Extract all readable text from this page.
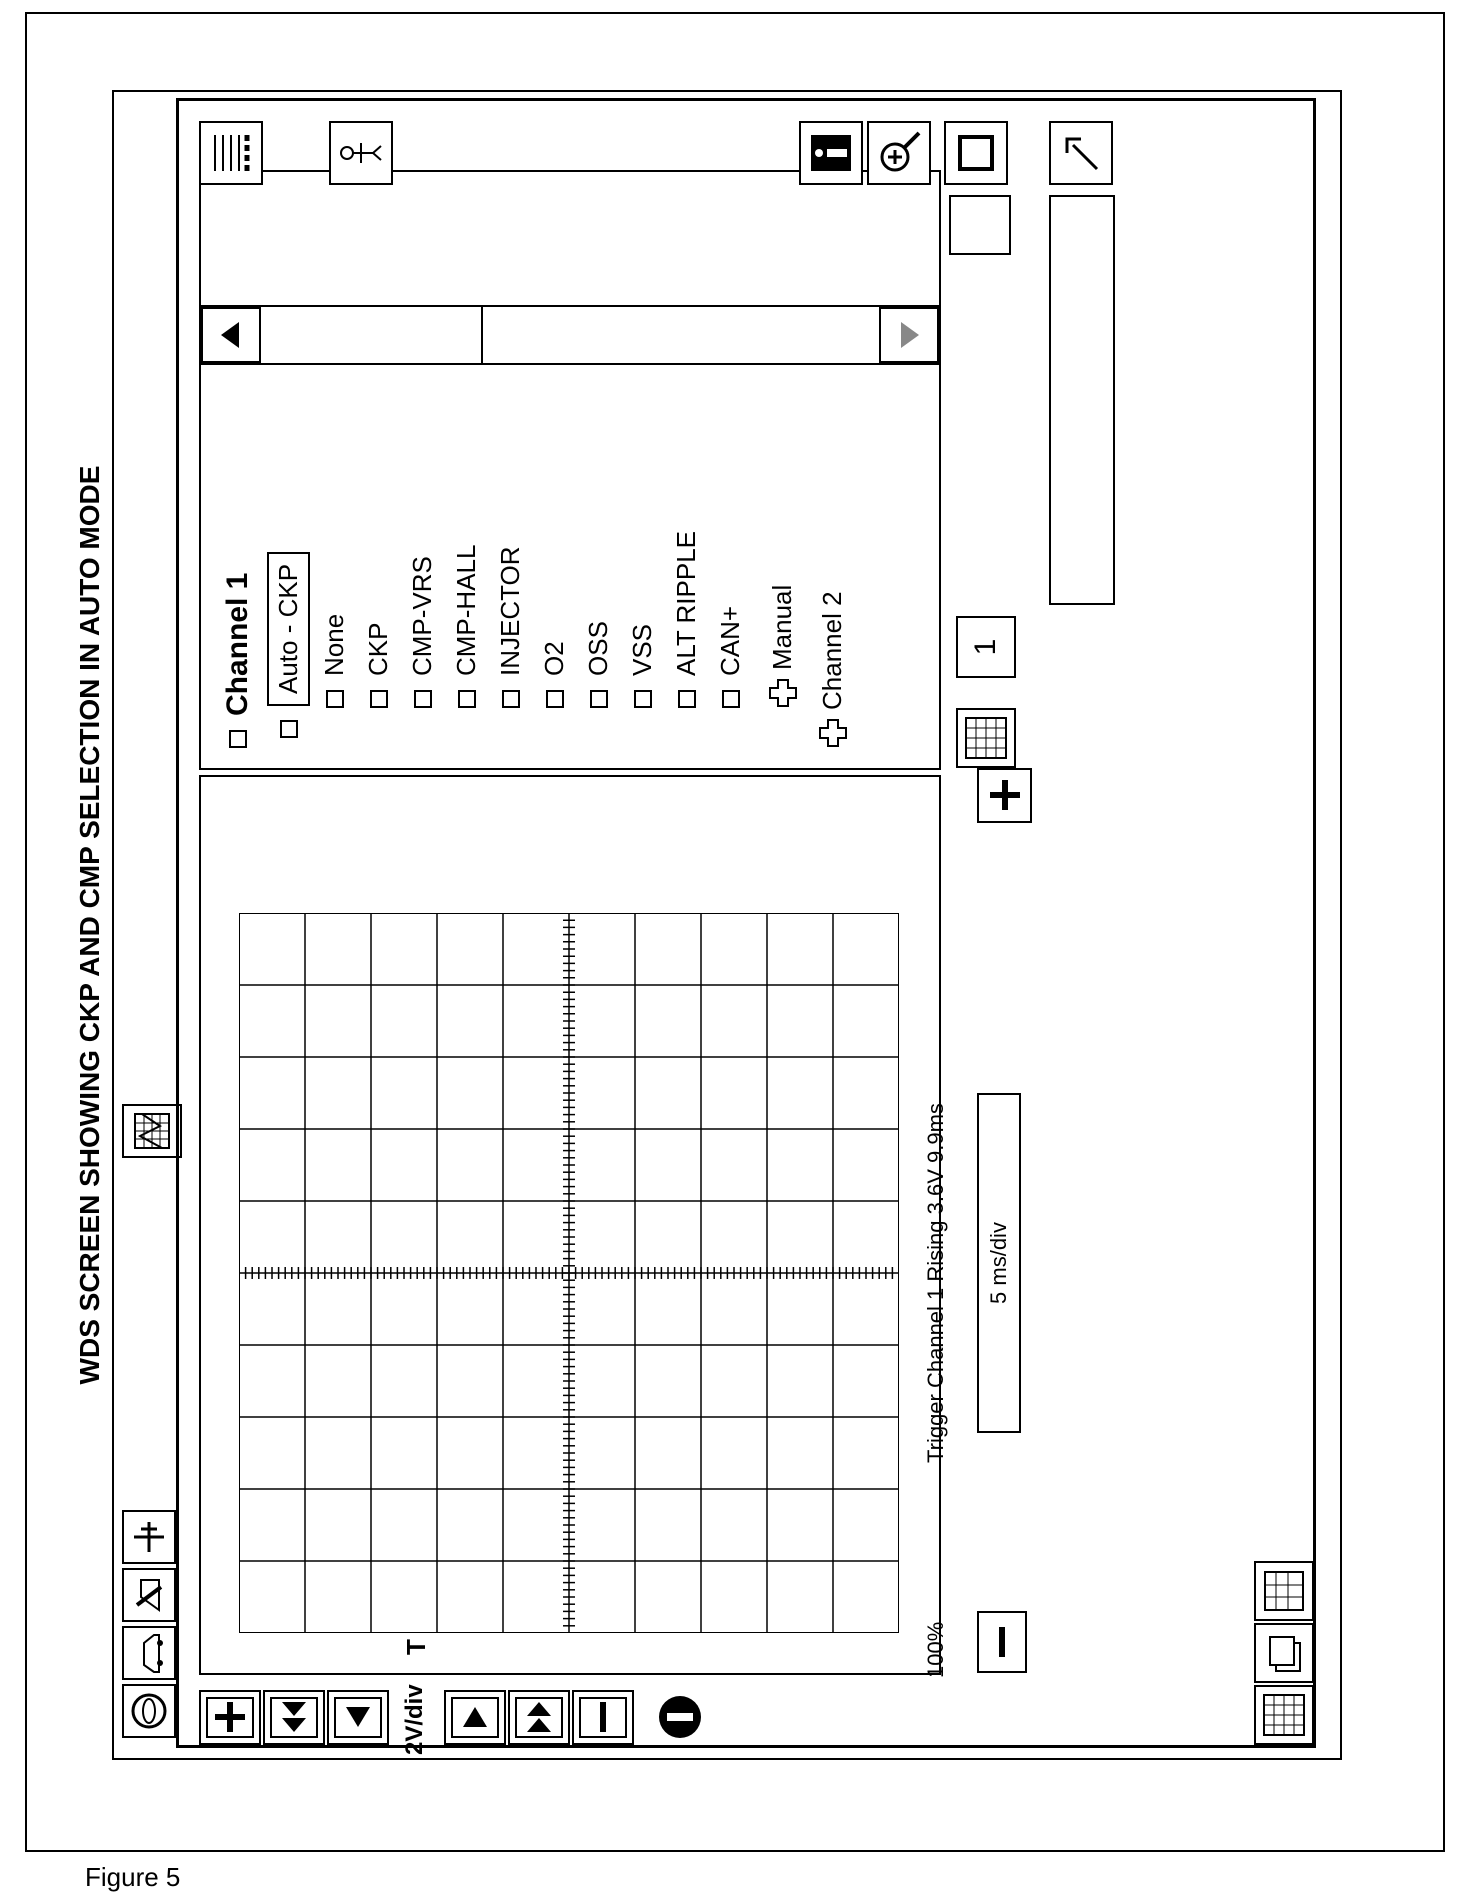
WDS SCREEN SHOWING CKP AND CMP SELECTION IN AUTO MODE
2V/div
T	100%
Trigger Channel 1 Rising 3.6V 9.9ms	5 ms/div
Channel 1 Auto - CKP None CKP CMP-VRS CMP-HALL INJECTOR O2 OSS VSS ALT RIPPLE CAN+ Manual Channel 2	1
Figure 5
